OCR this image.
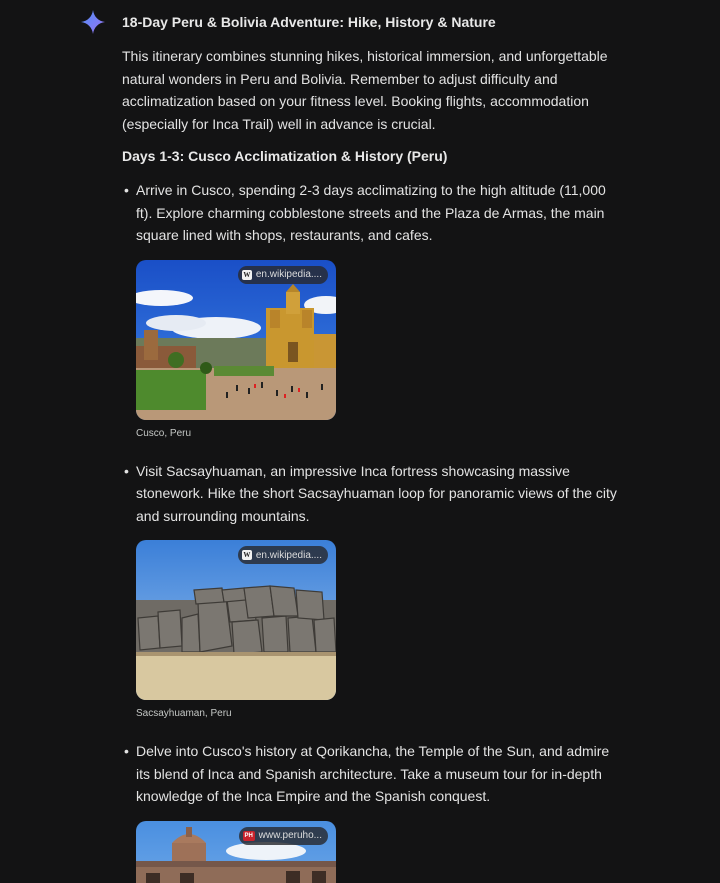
18-Day Peru & Bolivia Adventure: Hike, History & Nature

This itinerary combines stunning hikes, historical immersion, and unforgettable natural wonders in Peru and Bolivia. Remember to adjust difficulty and acclimatization based on your fitness level. Booking flights, accommodation (especially for Inca Trail) well in advance is crucial.

Days 1-3: Cusco Acclimatization & History (Peru)
• Arrive in Cusco, spending 2-3 days acclimatizing to the high altitude (11,000 ft). Explore charming cobblestone streets and the Plaza de Armas, the main square lined with shops, restaurants, and cafes.
W en.wikipedia....
Cusco, Peru
• Visit Sacsayhuaman, an impressive Inca fortress showcasing massive stonework. Hike the short Sacsayhuaman loop for panoramic views of the city and surrounding mountains.
W en.wikipedia....
Sacsayhuaman, Peru
• Delve into Cusco's history at Qorikancha, the Temple of the Sun, and admire its blend of Inca and Spanish architecture. Take a museum tour for in-depth knowledge of the Inca Empire and the Spanish conquest.
PH www.peruho...
